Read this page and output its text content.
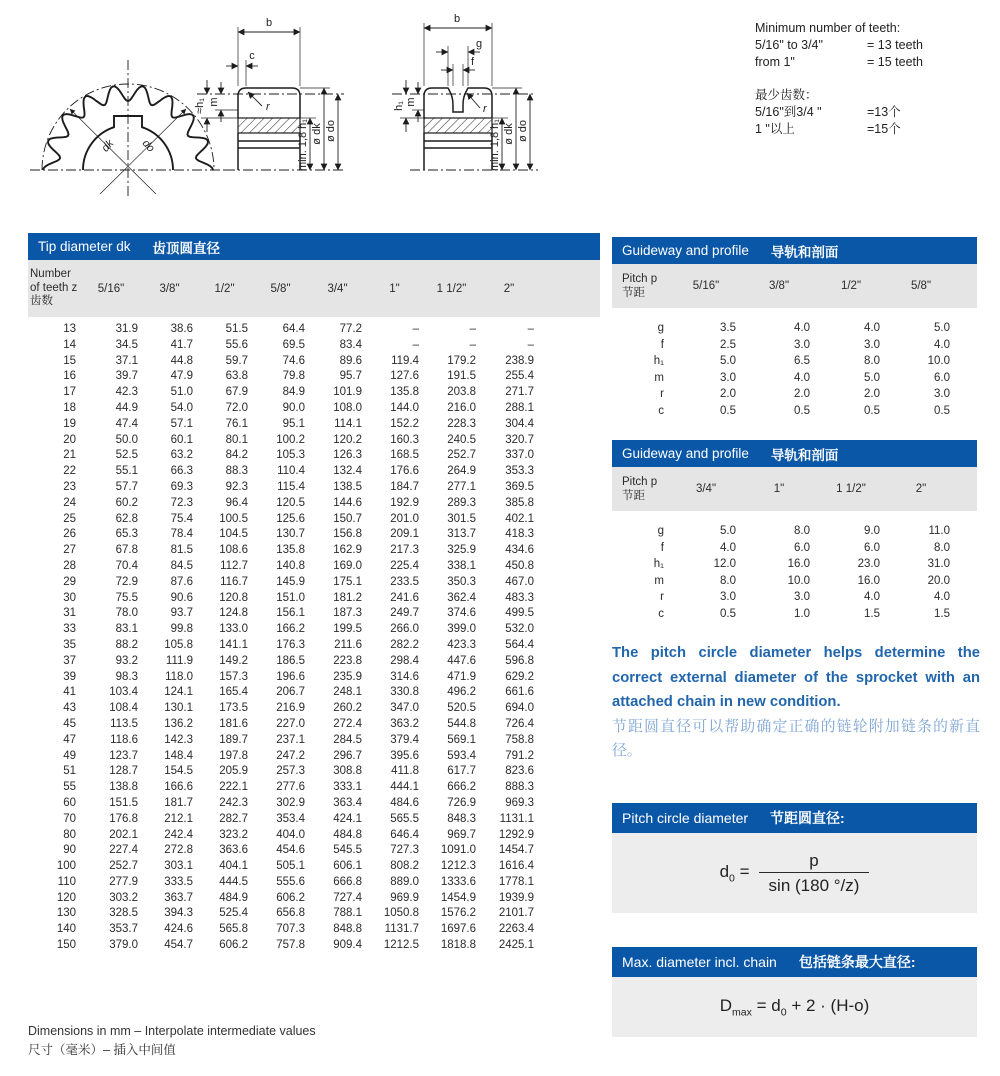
dk do
b
c
≈h₁ m	r
min. 1,8 h₁ ø dk ø do
b
g
f
h₁ m
r
min. 1,8 h₁ ø dk ø do
Minimum number of teeth:
5/16" to 3/4"	= 13 teeth
from 1"	= 15 teeth
最少齿数：
5/16"到3/4 "	=13个
1 "以上	=15个
Tip diameter dk 齿顶圆直径
Number
of teeth z
齿数	5/16"	3/8"	1/2"	5/8"	3/4"	1"	1 1/2"	2"	
13	31.9	38.6	51.5	64.4	77.2	–	–	–	
14	34.5	41.7	55.6	69.5	83.4	–	–	–	
15	37.1	44.8	59.7	74.6	89.6	119.4	179.2	238.9	
16	39.7	47.9	63.8	79.8	95.7	127.6	191.5	255.4	
17	42.3	51.0	67.9	84.9	101.9	135.8	203.8	271.7	
18	44.9	54.0	72.0	90.0	108.0	144.0	216.0	288.1	
19	47.4	57.1	76.1	95.1	114.1	152.2	228.3	304.4	
20	50.0	60.1	80.1	100.2	120.2	160.3	240.5	320.7	
21	52.5	63.2	84.2	105.3	126.3	168.5	252.7	337.0	
22	55.1	66.3	88.3	110.4	132.4	176.6	264.9	353.3	
23	57.7	69.3	92.3	115.4	138.5	184.7	277.1	369.5	
24	60.2	72.3	96.4	120.5	144.6	192.9	289.3	385.8	
25	62.8	75.4	100.5	125.6	150.7	201.0	301.5	402.1	
26	65.3	78.4	104.5	130.7	156.8	209.1	313.7	418.3	
27	67.8	81.5	108.6	135.8	162.9	217.3	325.9	434.6	
28	70.4	84.5	112.7	140.8	169.0	225.4	338.1	450.8	
29	72.9	87.6	116.7	145.9	175.1	233.5	350.3	467.0	
30	75.5	90.6	120.8	151.0	181.2	241.6	362.4	483.3	
31	78.0	93.7	124.8	156.1	187.3	249.7	374.6	499.5	
33	83.1	99.8	133.0	166.2	199.5	266.0	399.0	532.0	
35	88.2	105.8	141.1	176.3	211.6	282.2	423.3	564.4	
37	93.2	111.9	149.2	186.5	223.8	298.4	447.6	596.8	
39	98.3	118.0	157.3	196.6	235.9	314.6	471.9	629.2	
41	103.4	124.1	165.4	206.7	248.1	330.8	496.2	661.6	
43	108.4	130.1	173.5	216.9	260.2	347.0	520.5	694.0	
45	113.5	136.2	181.6	227.0	272.4	363.2	544.8	726.4	
47	118.6	142.3	189.7	237.1	284.5	379.4	569.1	758.8	
49	123.7	148.4	197.8	247.2	296.7	395.6	593.4	791.2	
51	128.7	154.5	205.9	257.3	308.8	411.8	617.7	823.6	
55	138.8	166.6	222.1	277.6	333.1	444.1	666.2	888.3	
60	151.5	181.7	242.3	302.9	363.4	484.6	726.9	969.3	
70	176.8	212.1	282.7	353.4	424.1	565.5	848.3	1131.1	
80	202.1	242.4	323.2	404.0	484.8	646.4	969.7	1292.9	
90	227.4	272.8	363.6	454.6	545.5	727.3	1091.0	1454.7	
100	252.7	303.1	404.1	505.1	606.1	808.2	1212.3	1616.4	
110	277.9	333.5	444.5	555.6	666.8	889.0	1333.6	1778.1	
120	303.2	363.7	484.9	606.2	727.4	969.9	1454.9	1939.9	
130	328.5	394.3	525.4	656.8	788.1	1050.8	1576.2	2101.7	
140	353.7	424.6	565.8	707.3	848.8	1131.7	1697.6	2263.4	
150	379.0	454.7	606.2	757.8	909.4	1212.5	1818.8	2425.1	
Guideway and profile 导轨和剖面
Pitch p
节距	5/16"	3/8"	1/2"	5/8"	
g	3.5	4.0	4.0	5.0	
f	2.5	3.0	3.0	4.0	
h₁	5.0	6.5	8.0	10.0	
m	3.0	4.0	5.0	6.0	
r	2.0	2.0	2.0	3.0	
c	0.5	0.5	0.5	0.5	
Guideway and profile 导轨和剖面
Pitch p
节距	3/4"	1"	1 1/2"	2"	
g	5.0	8.0	9.0	11.0	
f	4.0	6.0	6.0	8.0	
h₁	12.0	16.0	23.0	31.0	
m	8.0	10.0	16.0	20.0	
r	3.0	3.0	4.0	4.0	
c	0.5	1.0	1.5	1.5	
The pitch circle diameter helps determine the correct external diameter of the sprocket with an attached chain in new condition.
节距圆直径可以帮助确定正确的链轮附加链条的新直径。
Pitch circle diameter 节距圆直径:
$d_0 = \frac{p}{\sin (180 ^\circ/z)}$
Max. diameter incl. chain 包括链条最大直径:
$D_{max} = d_0 + 2 \cdot (H-o)$
Dimensions in mm – Interpolate intermediate values
尺寸（毫米）– 插入中间值
